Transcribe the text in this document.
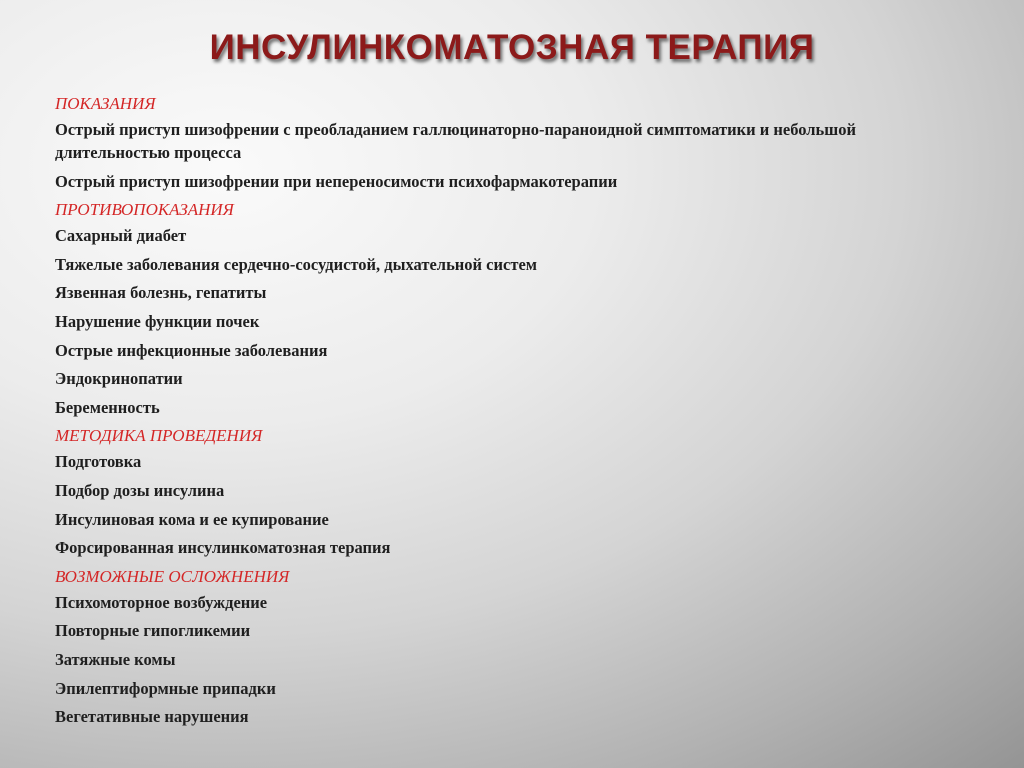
ИНСУЛИНКОМАТОЗНАЯ ТЕРАПИЯ
ПОКАЗАНИЯ
Острый приступ шизофрении с преобладанием галлюцинаторно-параноидной симптоматики и небольшой длительностью процесса
Острый приступ шизофрении при непереносимости психофармакотерапии
ПРОТИВОПОКАЗАНИЯ
Сахарный диабет
Тяжелые заболевания сердечно-сосудистой, дыхательной систем
Язвенная болезнь, гепатиты
Нарушение функции почек
Острые инфекционные заболевания
Эндокринопатии
Беременность
МЕТОДИКА ПРОВЕДЕНИЯ
Подготовка
Подбор дозы инсулина
Инсулиновая кома и ее купирование
Форсированная инсулинкоматозная терапия
ВОЗМОЖНЫЕ ОСЛОЖНЕНИЯ
Психомоторное возбуждение
Повторные гипогликемии
Затяжные комы
Эпилептиформные припадки
Вегетативные нарушения
